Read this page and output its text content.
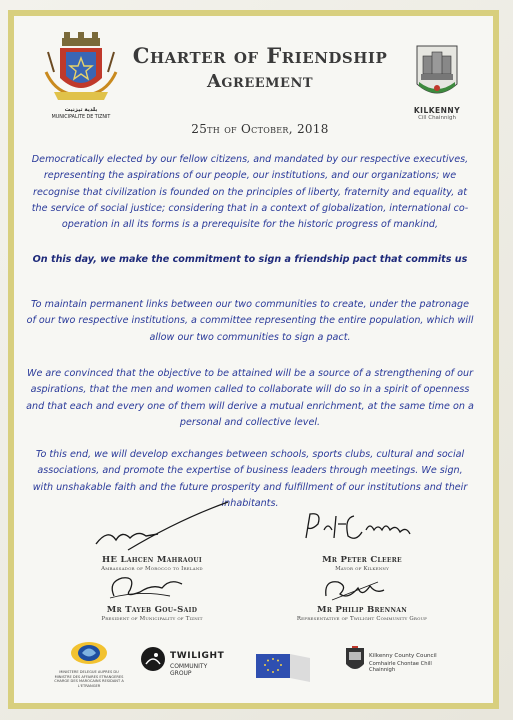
بلدية تيزنيت
MUNICIPALITE DE TIZNIT
KILKENNY
Cill Chainnigh
Charter of Friendship
Agreement
25th of October, 2018
Democratically elected by our fellow citizens, and mandated by our respective executives, representing the aspirations of our people, our institutions, and our organizations; we recognise that civilization is founded on the principles of liberty, fraternity and equality, at the service of social justice; considering that in a context of globalization, international co-operation in all its forms is a prerequisite for the historic progress of mankind,
On this day, we make the commitment to sign a friendship pact that commits us
To maintain permanent links between our two communities to create, under the patronage of our two respective institutions, a committee representing the entire population, which will allow our two communities to sign a pact.
We are convinced that the objective to be attained will be a source of a strengthening of our aspirations, that the men and women called to collaborate will do so in a spirit of openness and that each and every one of them will derive a mutual enrichment, at the same time on a personal and collective level.
To this end, we will develop exchanges between schools, sports clubs, cultural and social associations, and promote the expertise of business leaders through meetings. We sign, with unshakable faith and the future prosperity and fulfillment of our institutions and their inhabitants.
HE Lahcen Mahraoui
Ambassador of Morocco to Ireland
Mr Peter Cleere
Mayor of Kilkenny
Mr Tayeb Gou-Said
President of Municipality of Tiznit
Mr Philip Brennan
Representative of Twilight Community Group
MINISTERE DELEGUE AUPRES DU MINISTRE DES AFFAIRES ETRANGERES CHARGE DES MAROCAINS RESIDANT A L'ETRANGER
TWILIGHT
COMMUNITY GROUP
Kilkenny County Council
Comhairle Chontae Chill Chainnigh
